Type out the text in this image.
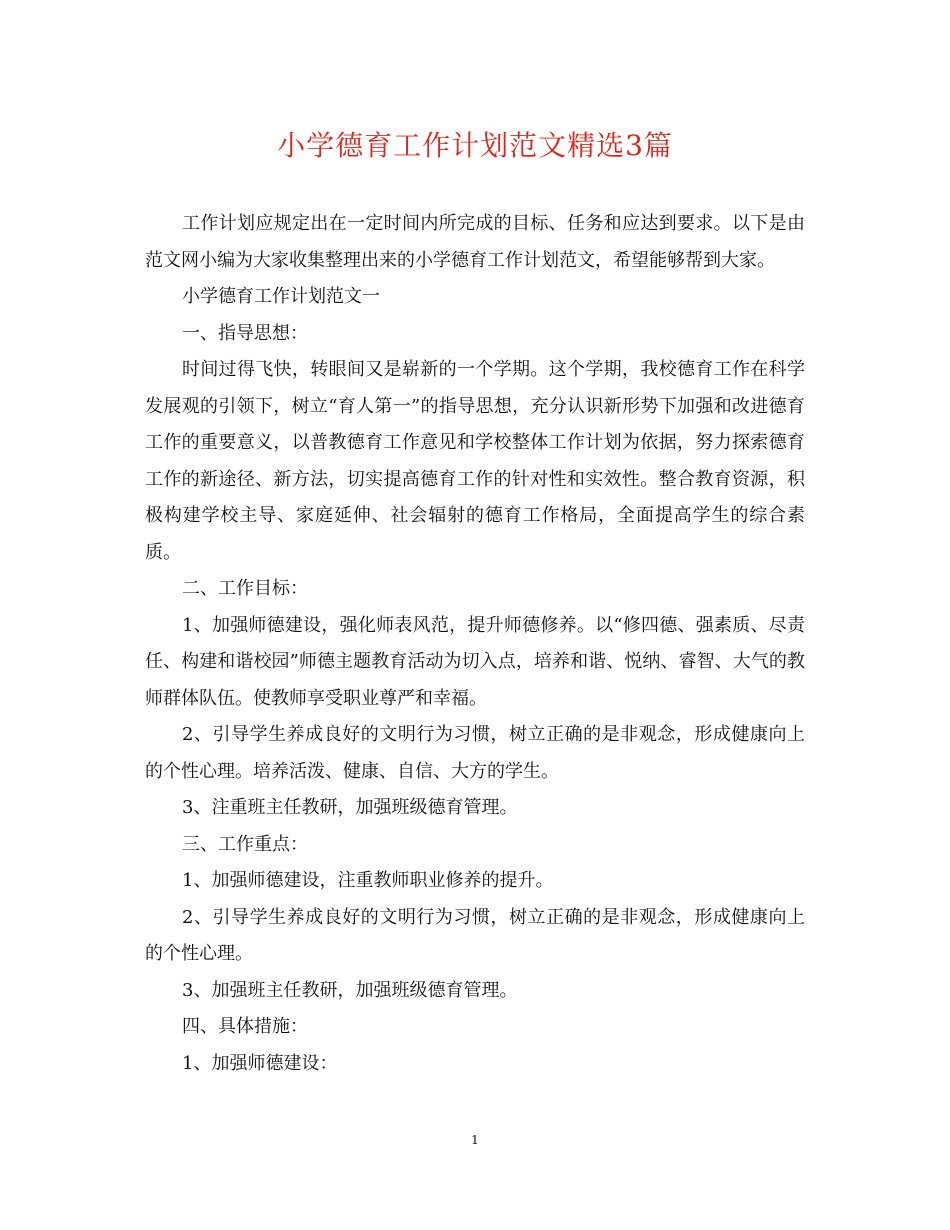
小学德育工作计划范文精选3篇

工作计划应规定出在一定时间内所完成的目标、任务和应达到要求。以下是由范文网小编为大家收集整理出来的小学德育工作计划范文，希望能够帮到大家。

小学德育工作计划范文一

一、指导思想：

时间过得飞快，转眼间又是崭新的一个学期。这个学期，我校德育工作在科学发展观的引领下，树立“育人第一”的指导思想，充分认识新形势下加强和改进德育工作的重要意义，以普教德育工作意见和学校整体工作计划为依据，努力探索德育工作的新途径、新方法，切实提高德育工作的针对性和实效性。整合教育资源，积极构建学校主导、家庭延伸、社会辐射的德育工作格局，全面提高学生的综合素质。

二、工作目标：

1、加强师德建设，强化师表风范，提升师德修养。以“修四德、强素质、尽责任、构建和谐校园”师德主题教育活动为切入点，培养和谐、悦纳、睿智、大气的教师群体队伍。使教师享受职业尊严和幸福。

2、引导学生养成良好的文明行为习惯，树立正确的是非观念，形成健康向上的个性心理。培养活泼、健康、自信、大方的学生。

3、注重班主任教研，加强班级德育管理。

三、工作重点：

1、加强师德建设，注重教师职业修养的提升。

2、引导学生养成良好的文明行为习惯，树立正确的是非观念，形成健康向上的个性心理。

3、加强班主任教研，加强班级德育管理。

四、具体措施：

1、加强师德建设：

1
